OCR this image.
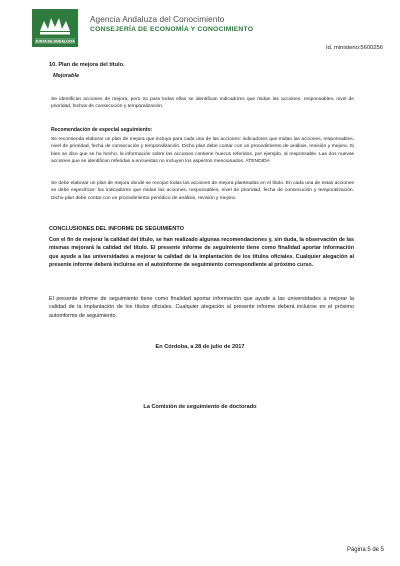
JUNTA DE ANDALUCIA
Agencia Andaluza del Conocimiento
CONSEJERÍA DE ECONOMÍA Y CONOCIMIENTO
Id. ministerio:5600256
10. Plan de mejora del título.
Mejorable
Se identifican acciones de mejora, pero no para todas ellas se identifican indicadores que midan las acciones, responsables, nivel de prioridad, fechas de consecución y temporalización.
Recomendación de especial seguimiento:
Se recomienda elaborar un plan de mejora que incluya para cada una de las acciones: indicadores que midan las acciones, responsables, nivel de prioridad, fecha de consecución y temporalización. Dicho plan debe contar con un procedimiento de análisis, revisión y mejora. Si bien se dice que se ha hecho, la información sobre las acciones contiene huecos referidos, por ejemplo, al responsable. Las dos nuevas acciones que se identifican referidas a encuestas no incluyen los aspectos mencionados. ATENDIDA
Se debe elaborar un plan de mejora donde se recojan todas las acciones de mejora planteadas en el título. En cada una de estas acciones se debe especificar: los indicadores que midan las acciones, responsables, nivel de prioridad, fecha de consecución y temporalización. Dicho plan debe contar con un procedimiento periódico de análisis, revisión y mejora.
CONCLUSIONES DEL INFORME DE SEGUIMIENTO
Con el fin de mejorar la calidad del título, se han realizado algunas recomendaciones y, sin duda, la observación de las mismas mejorará la calidad del título. El presente informe de seguimiento tiene como finalidad aportar información que ayude a las universidades a mejorar la calidad de la implantación de los títulos oficiales. Cualquier alegación al presente informe deberá incluirse en el autoinforme de seguimiento correspondiente al próximo curso.
El presente informe de seguimiento tiene como finalidad aportar información que ayude a las universidades a mejorar la calidad de la implantación de los títulos oficiales. Cualquier alegación al presente informe deberá incluirse en el próximo autoinforme de seguimiento.
En Córdoba, a 28 de julio de 2017
La Comisión de seguimiento de doctorado
Página 5 de 5
